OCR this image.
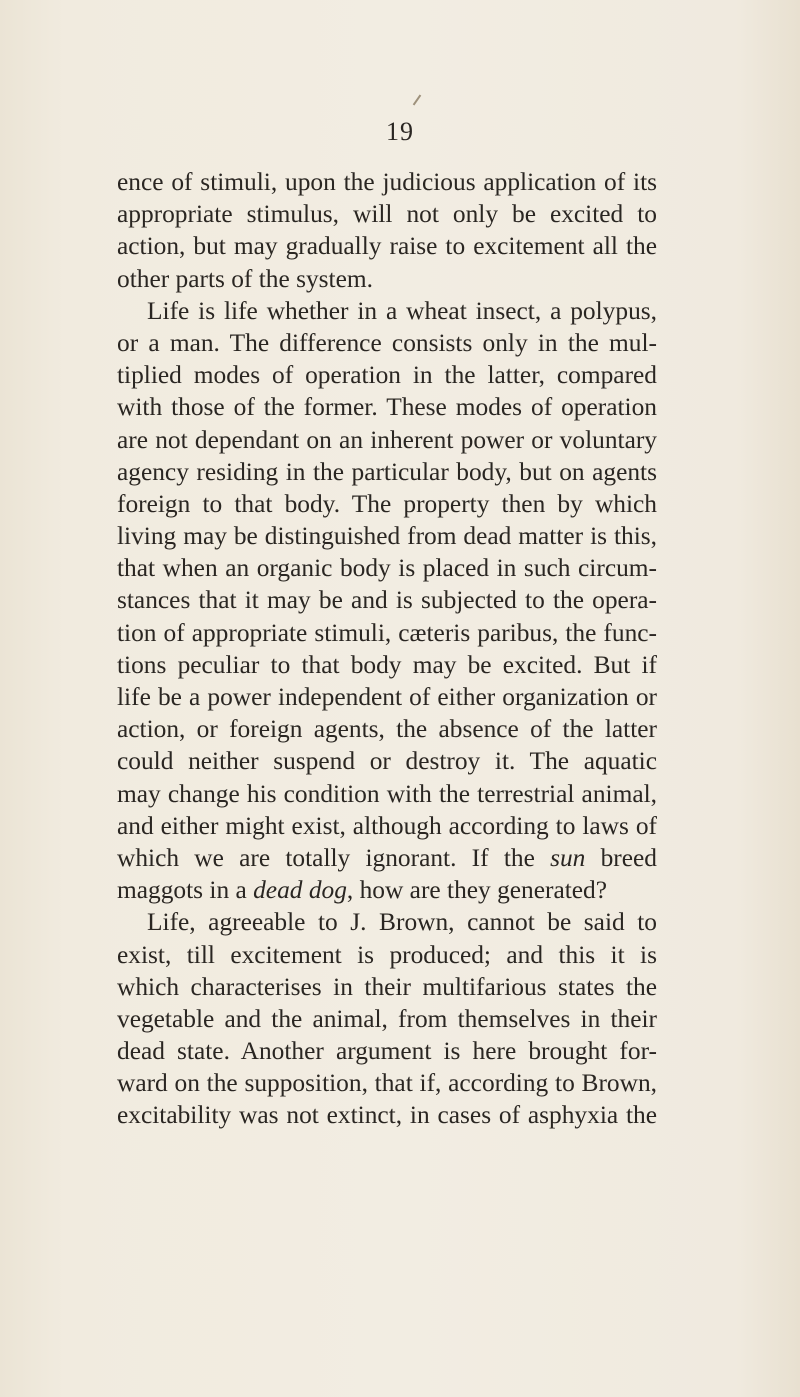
19
ence of stimuli, upon the judicious application of its
appropriate stimulus, will not only be excited to
action, but may gradually raise to excitement all the
other parts of the system.
Life is life whether in a wheat insect, a polypus,
or a man. The difference consists only in the mul-
tiplied modes of operation in the latter, compared
with those of the former. These modes of operation
are not dependant on an inherent power or voluntary
agency residing in the particular body, but on agents
foreign to that body. The property then by which
living may be distinguished from dead matter is this,
that when an organic body is placed in such circum-
stances that it may be and is subjected to the opera-
tion of appropriate stimuli, cæteris paribus, the func-
tions peculiar to that body may be excited. But if
life be a power independent of either organization or
action, or foreign agents, the absence of the latter
could neither suspend or destroy it. The aquatic
may change his condition with the terrestrial animal,
and either might exist, although according to laws of
which we are totally ignorant. If the sun breed
maggots in a dead dog, how are they generated?
Life, agreeable to J. Brown, cannot be said to
exist, till excitement is produced; and this it is
which characterises in their multifarious states the
vegetable and the animal, from themselves in their
dead state. Another argument is here brought for-
ward on the supposition, that if, according to Brown,
excitability was not extinct, in cases of asphyxia the
